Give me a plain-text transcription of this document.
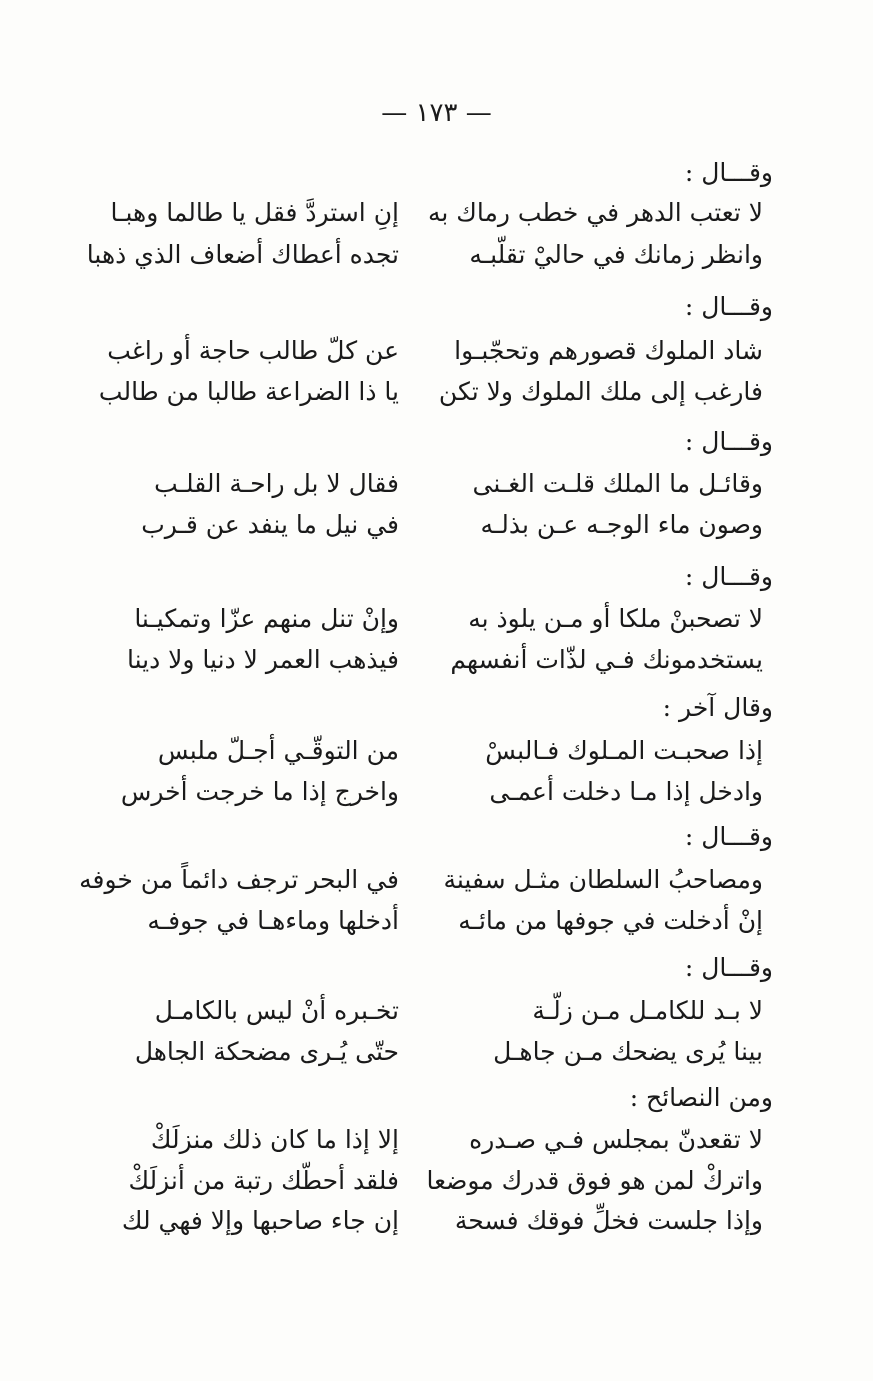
— ١٧٣ —
وقـــال :
لا تعتب الدهر في خطب رماك به
إنِ استردَّ فقل يا طالما وهبـا
وانظر زمانك في حاليْ تقلّبـه
تجده أعطاك أضعاف الذي ذهبا
وقـــال :
شاد الملوك قصورهم وتحجّبـوا
عن كلّ طالب حاجة أو راغب
فارغب إلى ملك الملوك ولا تكن
يا ذا الضراعة طالبا من طالب
وقـــال :
وقائـل ما الملك قلـت الغـنى
فقال لا بل راحـة القلـب
وصون ماء الوجـه عـن بذلـه
في نيل ما ينفد عن قـرب
وقـــال :
لا تصحبنْ ملكا أو مـن يلوذ به
وإنْ تنل منهم عزّا وتمكيـنا
يستخدمونك فـي لذّات أنفسهم
فيذهب العمر لا دنيا ولا دينا
وقال آخر :
إذا صحبـت المـلوك فـالبسْ
من التوقّـي أجـلّ ملبس
وادخل إذا مـا دخلت أعمـى
واخرج إذا ما خرجت أخرس
وقـــال :
ومصاحبُ السلطان مثـل سفينة
في البحر ترجف دائماً من خوفه
إنْ أدخلت في جوفها من مائـه
أدخلها وماءهـا في جوفـه
وقـــال :
لا بـد للكامـل مـن زلّـة
تخـبره أنْ ليس بالكامـل
بينا يُرى يضحك مـن جاهـل
حتّى يُـرى مضحكة الجاهل
ومن النصائح :
لا تقعدنّ بمجلس فـي صـدره
إلا إذا ما كان ذلك منزلَكْ
واتركْ لمن هو فوق قدرك موضعا
فلقد أحطّك رتبة من أنزلَكْ
وإذا جلست فخلِّ فوقك فسحة
إن جاء صاحبها وإلا فهي لك
